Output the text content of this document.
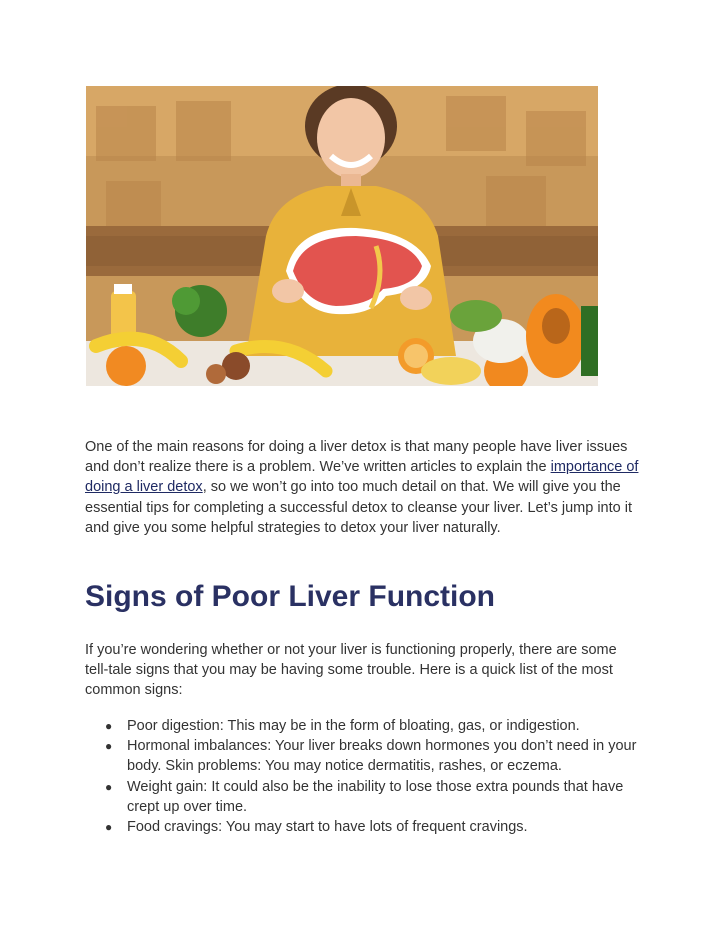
One of the main reasons for doing a liver detox is that many people have liver issues and don’t realize there is a problem. We’ve written articles to explain the importance of doing a liver detox, so we won’t go into too much detail on that. We will give you the essential tips for completing a successful detox to cleanse your liver. Let’s jump into it and give you some helpful strategies to detox your liver naturally.

Signs of Poor Liver Function

If you’re wondering whether or not your liver is functioning properly, there are some tell-tale signs that you may be having some trouble. Here is a quick list of the most common signs:

● Poor digestion: This may be in the form of bloating, gas, or indigestion.
● Hormonal imbalances: Your liver breaks down hormones you don’t need in your body. Skin problems: You may notice dermatitis, rashes, or eczema.
● Weight gain: It could also be the inability to lose those extra pounds that have crept up over time.
● Food cravings: You may start to have lots of frequent cravings.
